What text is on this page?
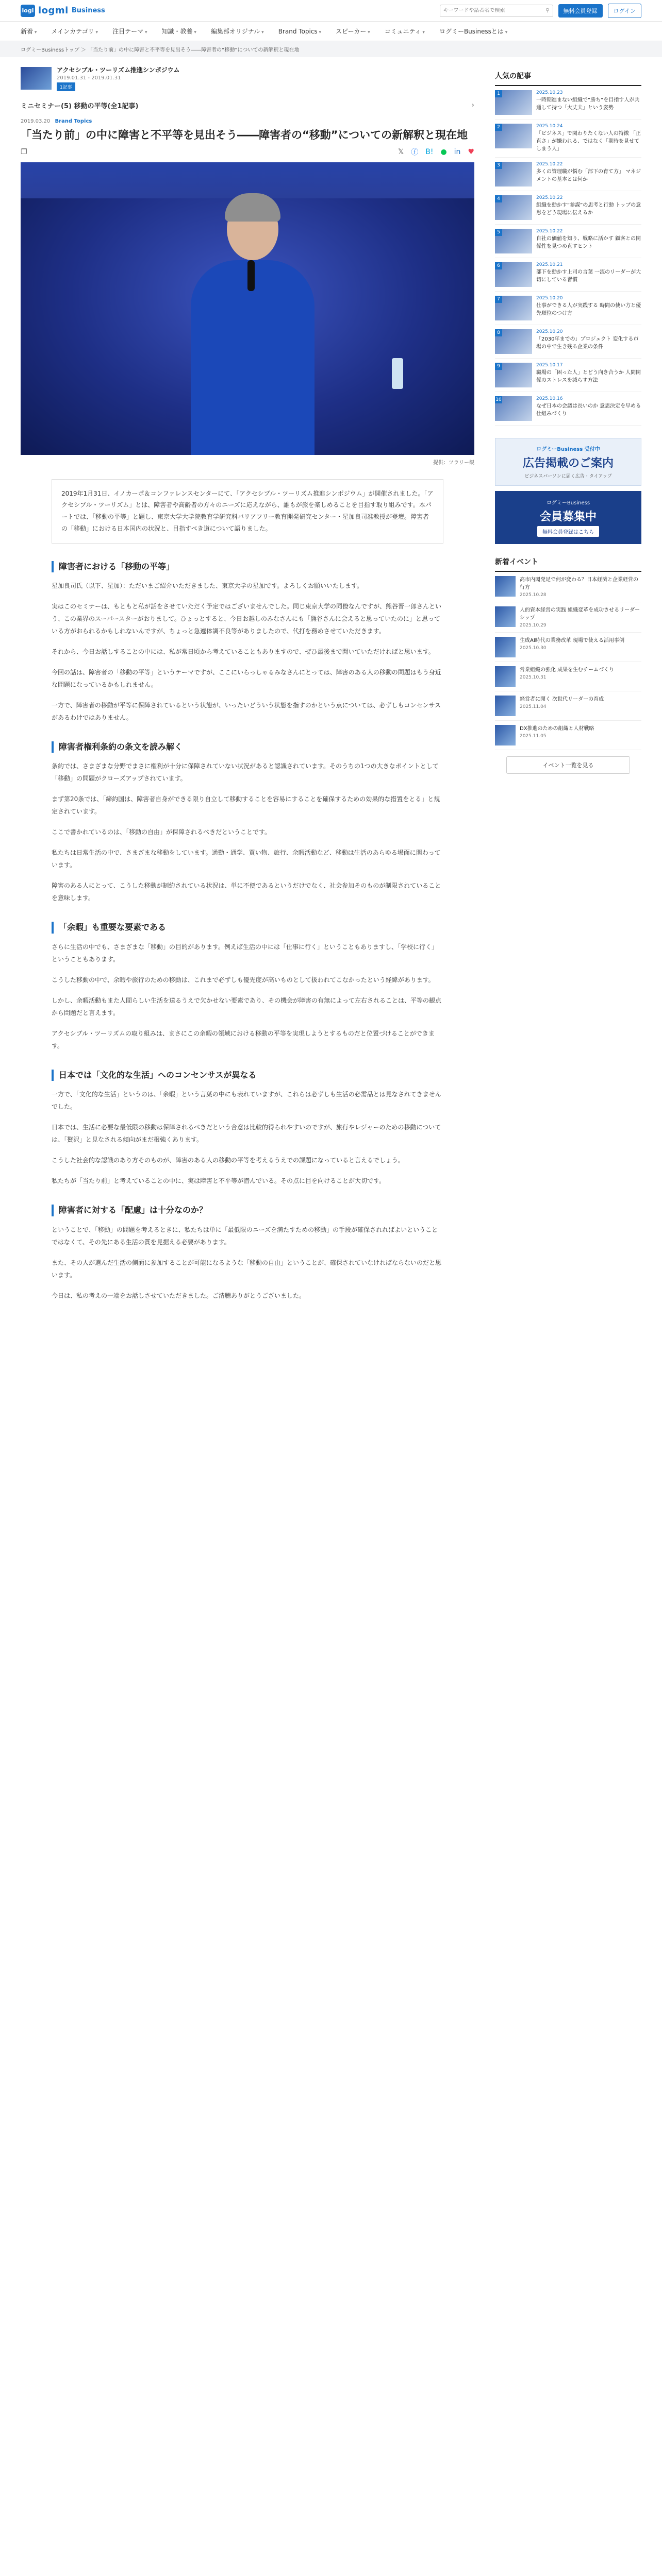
logi logmi Business
キーワードや話者名で検索	⚲	無料会員登録	ログイン
新着 ▾	メインカテゴリ ▾	注目テーマ ▾	知識・教養 ▾	編集部オリジナル ▾	Brand Topics ▾	スピーカー ▾	コミュニティ ▾	ログミーBusinessとは ▾
ログミーBusinessトップ ＞ 「当たり前」の中に障害と不平等を見出そう――障害者の“移動”についての新解釈と現在地
アクセシブル・ツーリズム推進シンポジウム
2019.01.31 - 2019.01.31
1記事
ミニセミナー(5) 移動の平等(全1記事)	›
2019.03.20 Brand Topics
「当たり前」の中に障害と不平等を見出そう――障害者の“移動”についての新解釈と現在地
❐	𝕏 ⓕ B! ● in ♥
提供：ツラリー観
2019年1月31日、イノカーポ＆コンファレンスセンターにて、「アクセシブル・ツーリズム推進シンポジウム」が開催されました。「アクセシブル・ツーリズム」とは、障害者や高齢者の方々のニーズに応えながら、誰もが旅を楽しめることを目指す取り組みです。本パートでは、「移動の平等」と題し、東京大学大学院教育学研究科バリアフリー教育開発研究センター・星加良司准教授が登壇。障害者の「移動」における日本国内の状況と、目指すべき道について語りました。
障害者における「移動の平等」

星加良司氏（以下、星加）：ただいまご紹介いただきました、東京大学の星加です。よろしくお願いいたします。

実はこのセミナーは、もともと私が話をさせていただく予定ではございませんでした。同じ東京大学の同僚なんですが、熊谷晋一郎さんという、この業界のスーパースターがおりまして。ひょっとすると、今日お越しのみなさんにも「熊谷さんに会えると思っていたのに」と思っている方がおられるかもしれないんですが、ちょっと急遽体調不良等がありましたので、代打を務めさせていただきます。

それから、今日お話しすることの中には、私が常日頃から考えていることもありますので、ぜひ最後まで聞いていただければと思います。

今回の話は、障害者の「移動の平等」というテーマですが、ここにいらっしゃるみなさんにとっては、障害のある人の移動の問題はもう身近な問題になっているかもしれません。

一方で、障害者の移動が平等に保障されているという状態が、いったいどういう状態を指すのかという点については、必ずしもコンセンサスがあるわけではありません。

障害者権利条約の条文を読み解く

条約では、さまざまな分野でまさに権利が十分に保障されていない状況があると認識されています。そのうちの1つの大きなポイントとして「移動」の問題がクローズアップされています。

まず第20条では、「締約国は、障害者自身ができる限り自立して移動することを容易にすることを確保するための効果的な措置をとる」と規定されています。

ここで書かれているのは、「移動の自由」が保障されるべきだということです。

私たちは日常生活の中で、さまざまな移動をしています。通勤・通学、買い物、旅行、余暇活動など、移動は生活のあらゆる場面に関わっています。

障害のある人にとって、こうした移動が制約されている状況は、単に不便であるというだけでなく、社会参加そのものが制限されていることを意味します。

「余暇」も重要な要素である

さらに生活の中でも、さまざまな「移動」の目的があります。例えば生活の中には「仕事に行く」ということもありますし、「学校に行く」ということもあります。

こうした移動の中で、余暇や旅行のための移動は、これまで必ずしも優先度が高いものとして扱われてこなかったという経緯があります。

しかし、余暇活動もまた人間らしい生活を送るうえで欠かせない要素であり、その機会が障害の有無によって左右されることは、平等の観点から問題だと言えます。

アクセシブル・ツーリズムの取り組みは、まさにこの余暇の領域における移動の平等を実現しようとするものだと位置づけることができます。

日本では「文化的な生活」へのコンセンサスが異なる

一方で、「文化的な生活」というのは、「余暇」という言葉の中にも表れていますが、これらは必ずしも生活の必需品とは見なされてきませんでした。

日本では、生活に必要な最低限の移動は保障されるべきだという合意は比較的得られやすいのですが、旅行やレジャーのための移動については、「贅沢」と見なされる傾向がまだ根強くあります。

こうした社会的な認識のあり方そのものが、障害のある人の移動の平等を考えるうえでの課題になっていると言えるでしょう。

私たちが「当たり前」と考えていることの中に、実は障害と不平等が潜んでいる。その点に目を向けることが大切です。

障害者に対する「配慮」は十分なのか？

ということで、「移動」の問題を考えるときに、私たちは単に「最低限のニーズを満たすための移動」の手段が確保されればよいということではなくて、その先にある生活の質を見据える必要があります。

また、その人が選んだ生活の側面に参加することが可能になるような「移動の自由」ということが、確保されていなければならないのだと思います。

今日は、私の考えの一端をお話しさせていただきました。ご清聴ありがとうございました。

人気の記事
1	2025.10.23
一時期進まない組織で”勝ち”を目指す人が共通して持つ「大丈夫」という姿勢
2	2025.10.24
「ビジネス」で関わりたくない人の特徴 「正直さ」が嫌われる、ではなく「期待を見せてしまう人」
3	2025.10.22
多くの管理職が悩む「部下の育て方」 マネジメントの基本とは何か
4	2025.10.22
組織を動かす“参謀”の思考と行動 トップの意思をどう現場に伝えるか
5	2025.10.22
自社の価値を知り、戦略に活かす 顧客との関係性を見つめ直すヒント
6	2025.10.21
部下を動かす上司の言葉 一流のリーダーが大切にしている習慣
7	2025.10.20
仕事ができる人が実践する 時間の使い方と優先順位のつけ方
8	2025.10.20
「2030年までの」プロジェクト 変化する市場の中で生き残る企業の条件
9	2025.10.17
職場の「困った人」とどう向き合うか 人間関係のストレスを減らす方法
10	2025.10.16
なぜ日本の会議は長いのか 意思決定を早める仕組みづくり
ログミーBusiness 受付中
広告掲載のご案内
ビジネスパーソンに届く広告・タイアップ
ログミーBusiness
会員募集中
無料会員登録はこちら
新着イベント
高市内閣発足で何が変わる？日本経済と企業経営の行方
2025.10.28
人的資本経営の実践 組織変革を成功させるリーダーシップ
2025.10.29
生成AI時代の業務改革 現場で使える活用事例
2025.10.30
営業組織の強化 成果を生むチームづくり
2025.10.31
経営者に聞く 次世代リーダーの育成
2025.11.04
DX推進のための組織と人材戦略
2025.11.05
イベント一覧を見る
